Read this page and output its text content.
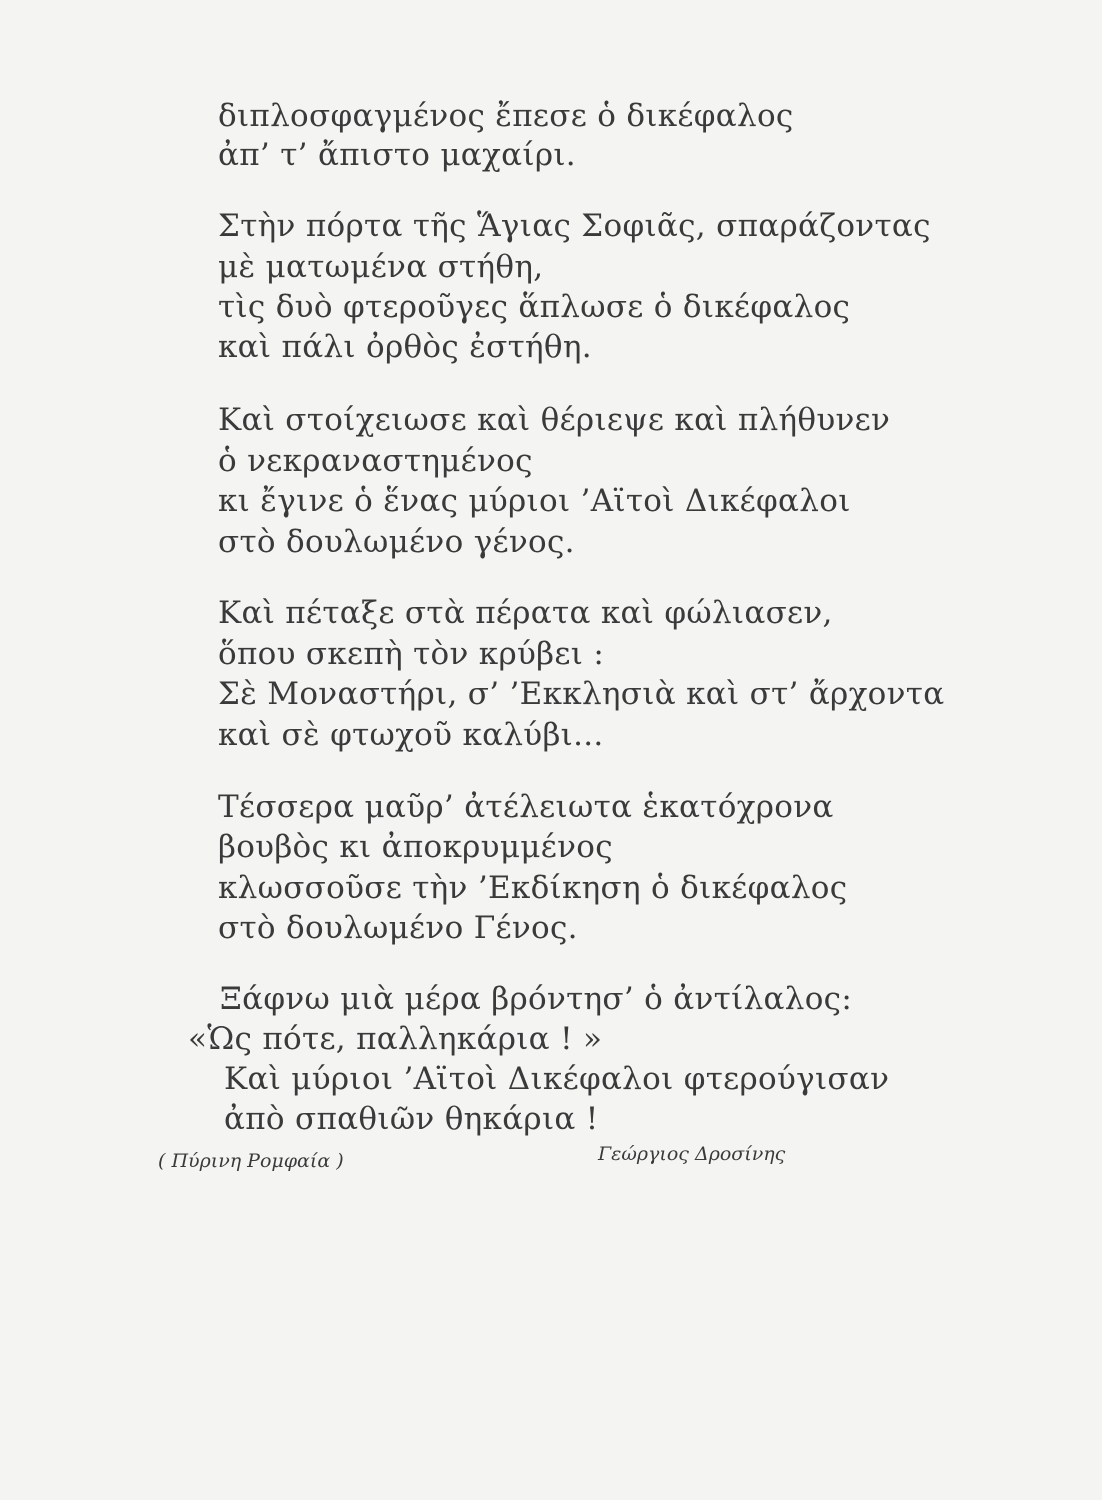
διπλοσφαγμένος ἔπεσε ὁ δικέφαλος
ἀπ’ τ’ ἄπιστο μαχαίρι.
Στὴν πόρτα τῆς Ἅγιας Σοφιᾶς, σπαράζοντας
μὲ ματωμένα στήθη,
τὶς δυὸ φτεροῦγες ἅπλωσε ὁ δικέφαλος
καὶ πάλι ὀρθὸς ἐστήθη.
Καὶ στοίχειωσε καὶ θέριεψε καὶ πλήθυνεν
ὁ νεκραναστημένος
κι ἔγινε ὁ ἕνας μύριοι ’Αϊτοὶ Δικέφαλοι
στὸ δουλωμένο γένος.
Καὶ πέταξε στὰ πέρατα καὶ φώλιασεν,
ὅπου σκεπὴ τὸν κρύβει :
Σὲ Μοναστήρι, σ’ ’Εκκλησιὰ καὶ στ’ ἄρχοντα
καὶ σὲ φτωχοῦ καλύβι...
Τέσσερα μαῦρ’ ἀτέλειωτα ἑκατόχρονα
βουβὸς κι ἀποκρυμμένος
κλωσσοῦσε τὴν ’Εκδίκηση ὁ δικέφαλος
στὸ δουλωμένο Γένος.
Ξάφνω μιὰ μέρα βρόντησ’ ὁ ἀντίλαλος:
«Ὡς πότε, παλληκάρια ! »
Καὶ μύριοι ’Αϊτοὶ Δικέφαλοι φτερούγισαν
ἀπὸ σπαθιῶν θηκάρια !
( Πύρινη Ρομφαία )	Γεώργιος Δροσίνης
